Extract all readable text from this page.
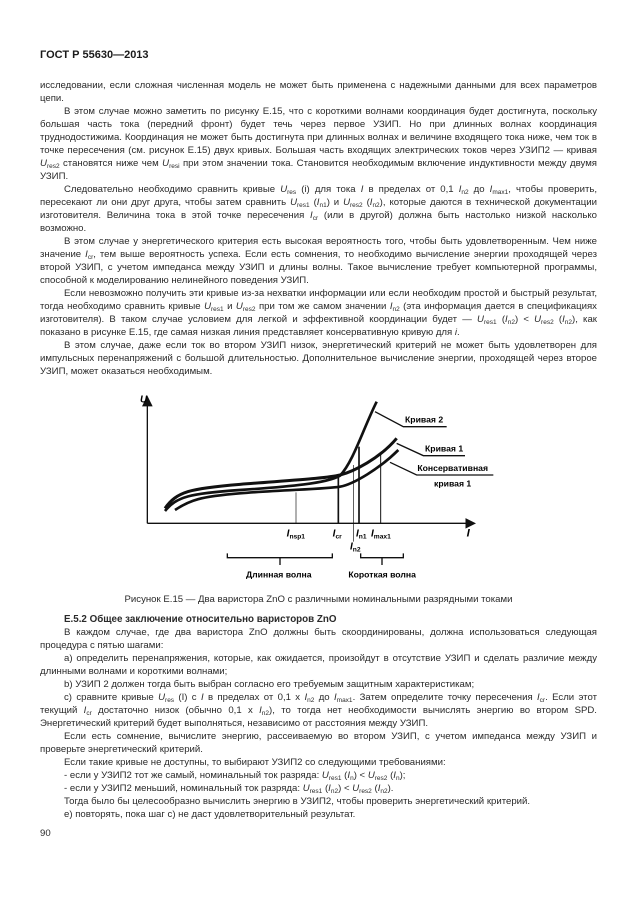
ГОСТ Р 55630—2013

исследовании, если сложная численная модель не может быть применена с надежными данными для всех параметров цепи.

В этом случае можно заметить по рисунку Е.15, что с короткими волнами координация будет достигнута, поскольку большая часть тока (передний фронт) будет течь через первое УЗИП. Но при длинных волнах координация труднодостижима. Координация не может быть достигнута при длинных волнах и величине входящего тока ниже, чем ток в точке пересечения (см. рисунок Е.15) двух кривых. Большая часть входящих электрических токов через УЗИП2 — кривая $U_{res2}$ становятся ниже чем $U_{resi}$ при этом значении тока. Становится необходимым включение индуктивности между двумя УЗИП.

Следовательно необходимо сравнить кривые $U_{res}$ (i) для тока I в пределах от 0,1 $I_{n2}$ до $I_{max1}$, чтобы проверить, пересекают ли они друг друга, чтобы затем сравнить $U_{res1}$ $(I_{n1})$ и $U_{res2}$ $(I_{n2})$, которые даются в технической документации изготовителя. Величина тока в этой точке пересечения $I_{cr}$ (или в другой) должна быть настолько низкой насколько возможно.

В этом случае у энергетического критерия есть высокая вероятность того, чтобы быть удовлетворенным. Чем ниже значение $I_{cr}$, тем выше вероятность успеха. Если есть сомнения, то необходимо вычисление энергии проходящей через второй УЗИП, с учетом импеданса между УЗИП и длины волны. Такое вычисление требует компьютерной программы, способной к моделированию нелинейного поведения УЗИП.

Если невозможно получить эти кривые из-за нехватки информации или если необходим простой и быстрый результат, тогда необходимо сравнить кривые $U_{res1}$ и $U_{res2}$ при том же самом значении $I_{n2}$ (эта информация дается в спецификациях изготовителя). В таком случае условием для легкой и эффективной координации будет — $U_{res1}$ $(I_{n2}) < U_{res2}$ $(I_{n2})$, как показано в рисунке Е.15, где самая низкая линия представляет консервативную кривую для i.

В этом случае, даже если ток во втором УЗИП низок, энергетический критерий не может быть удовлетворен для импульсных перенапряжений с большой длительностью. Дополнительное вычисление энергии, проходящей через второе УЗИП, может оказаться необходимым.

U
I
Кривая 2
Кривая 1
Консервативная
кривая 1
$I_{nsp1}$ $I_{cr}$ $I_{n1}$ $I_{max1}$
$I_{n2}$
Длинная волна Короткая волна
Рисунок Е.15 — Два варистора ZnO с различными номинальными разрядными токами

Е.5.2 Общее заключение относительно варисторов ZnO

В каждом случае, где два варистора ZnO должны быть скоординированы, должна использоваться следующая процедура с пятью шагами:

а) определить перенапряжения, которые, как ожидается, произойдут в отсутствие УЗИП и сделать различие между длинными волнами и короткими волнами;

b) УЗИП 2 должен тогда быть выбран согласно его требуемым защитным характеристикам;

с) сравните кривые $U_{res}$ (I) с I в пределах от 0,1 х $I_{n2}$ до $I_{max1}$. Затем определите точку пересечения $I_{cr}$. Если этот текущий $I_{cr}$ достаточно низок (обычно 0,1 х $I_{n2}$), то тогда нет необходимости вычислять энергию во втором SPD. Энергетический критерий будет выполняться, независимо от расстояния между УЗИП.

Если есть сомнение, вычислите энергию, рассеиваемую во втором УЗИП, с учетом импеданса между УЗИП и проверьте энергетический критерий.

Если такие кривые не доступны, то выбирают УЗИП2 со следующими требованиями:

- если у УЗИП2 тот же самый, номинальный ток разряда: $U_{res1}$ $(I_n) < U_{res2}$ $(I_n)$;

- если у УЗИП2 меньший, номинальный ток разряда: $U_{res1}$ $(I_{n2}) < U_{res2}$ $(I_{n2})$.

Тогда было бы целесообразно вычислить энергию в УЗИП2, чтобы проверить энергетический критерий.

е) повторять, пока шаг с) не даст удовлетворительный результат.

90
